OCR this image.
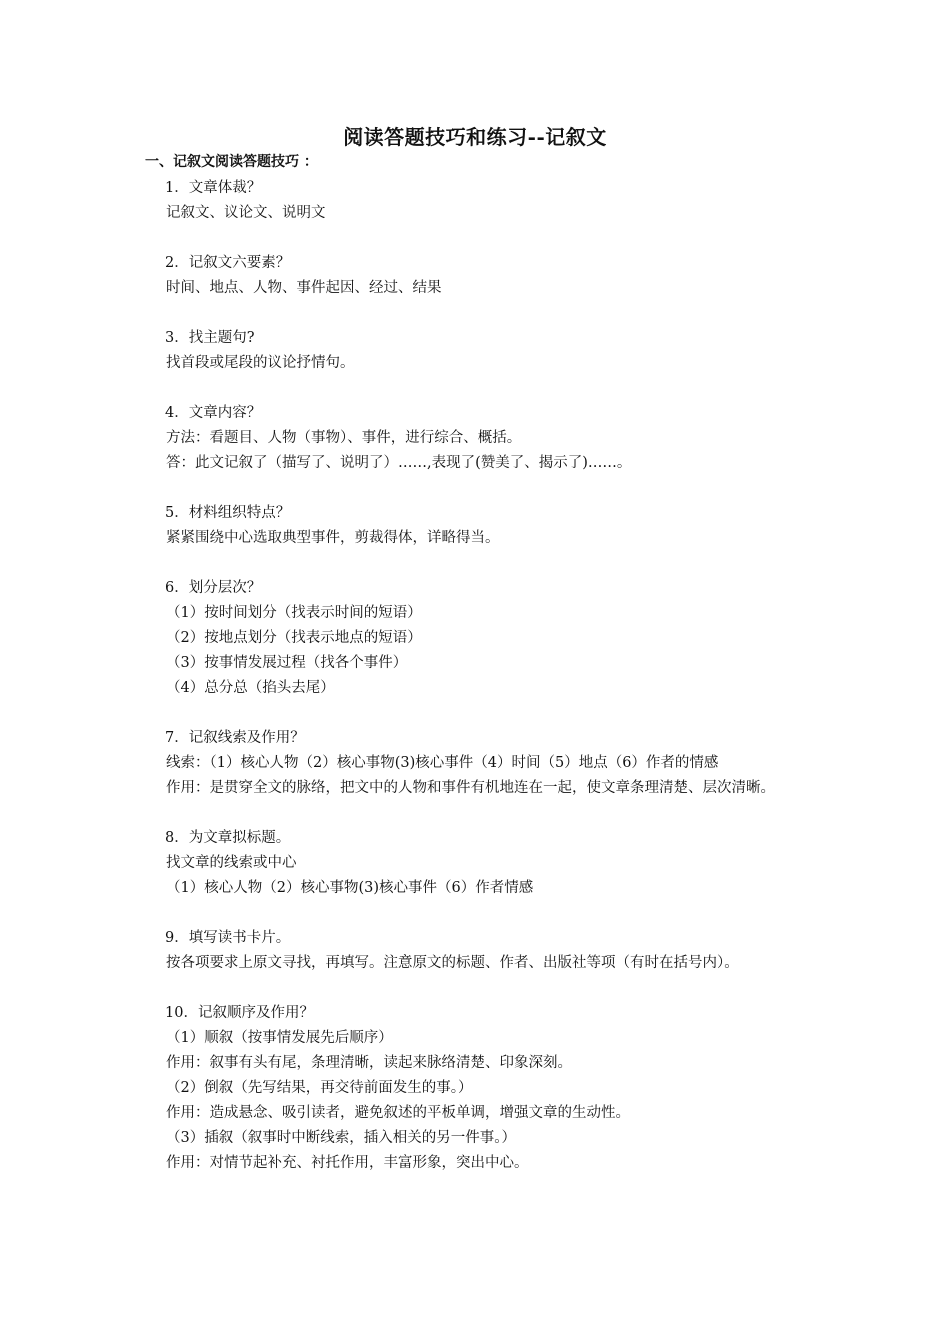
阅读答题技巧和练习--记叙文
一、记叙文阅读答题技巧 ：
1．文章体裁？
记叙文、议论文、说明文
2．记叙文六要素？
时间、地点、人物、事件起因、经过、结果
3．找主题句?
找首段或尾段的议论抒情句。
4．文章内容？
方法：看题目、人物（事物）、事件，进行综合、概括。
答：此文记叙了（描写了、说明了）……,表现了(赞美了、揭示了)……。
5．材料组织特点？
紧紧围绕中心选取典型事件，剪裁得体，详略得当。
6．划分层次？
（1）按时间划分（找表示时间的短语）
（2）按地点划分（找表示地点的短语）
（3）按事情发展过程（找各个事件）
（4）总分总（掐头去尾）
7．记叙线索及作用？
线索：（1）核心人物（2）核心事物(3)核心事件（4）时间（5）地点（6）作者的情感
作用：是贯穿全文的脉络，把文中的人物和事件有机地连在一起，使文章条理清楚、层次清晰。
8．为文章拟标题。
找文章的线索或中心
（1）核心人物（2）核心事物(3)核心事件（6）作者情感
9．填写读书卡片。
按各项要求上原文寻找，再填写。注意原文的标题、作者、出版社等项（有时在括号内）。
10．记叙顺序及作用？
（1）顺叙（按事情发展先后顺序）
作用：叙事有头有尾，条理清晰，读起来脉络清楚、印象深刻。
（2）倒叙（先写结果，再交待前面发生的事。）
作用：造成悬念、吸引读者，避免叙述的平板单调，增强文章的生动性。
（3）插叙（叙事时中断线索，插入相关的另一件事。）
作用：对情节起补充、衬托作用，丰富形象，突出中心。
